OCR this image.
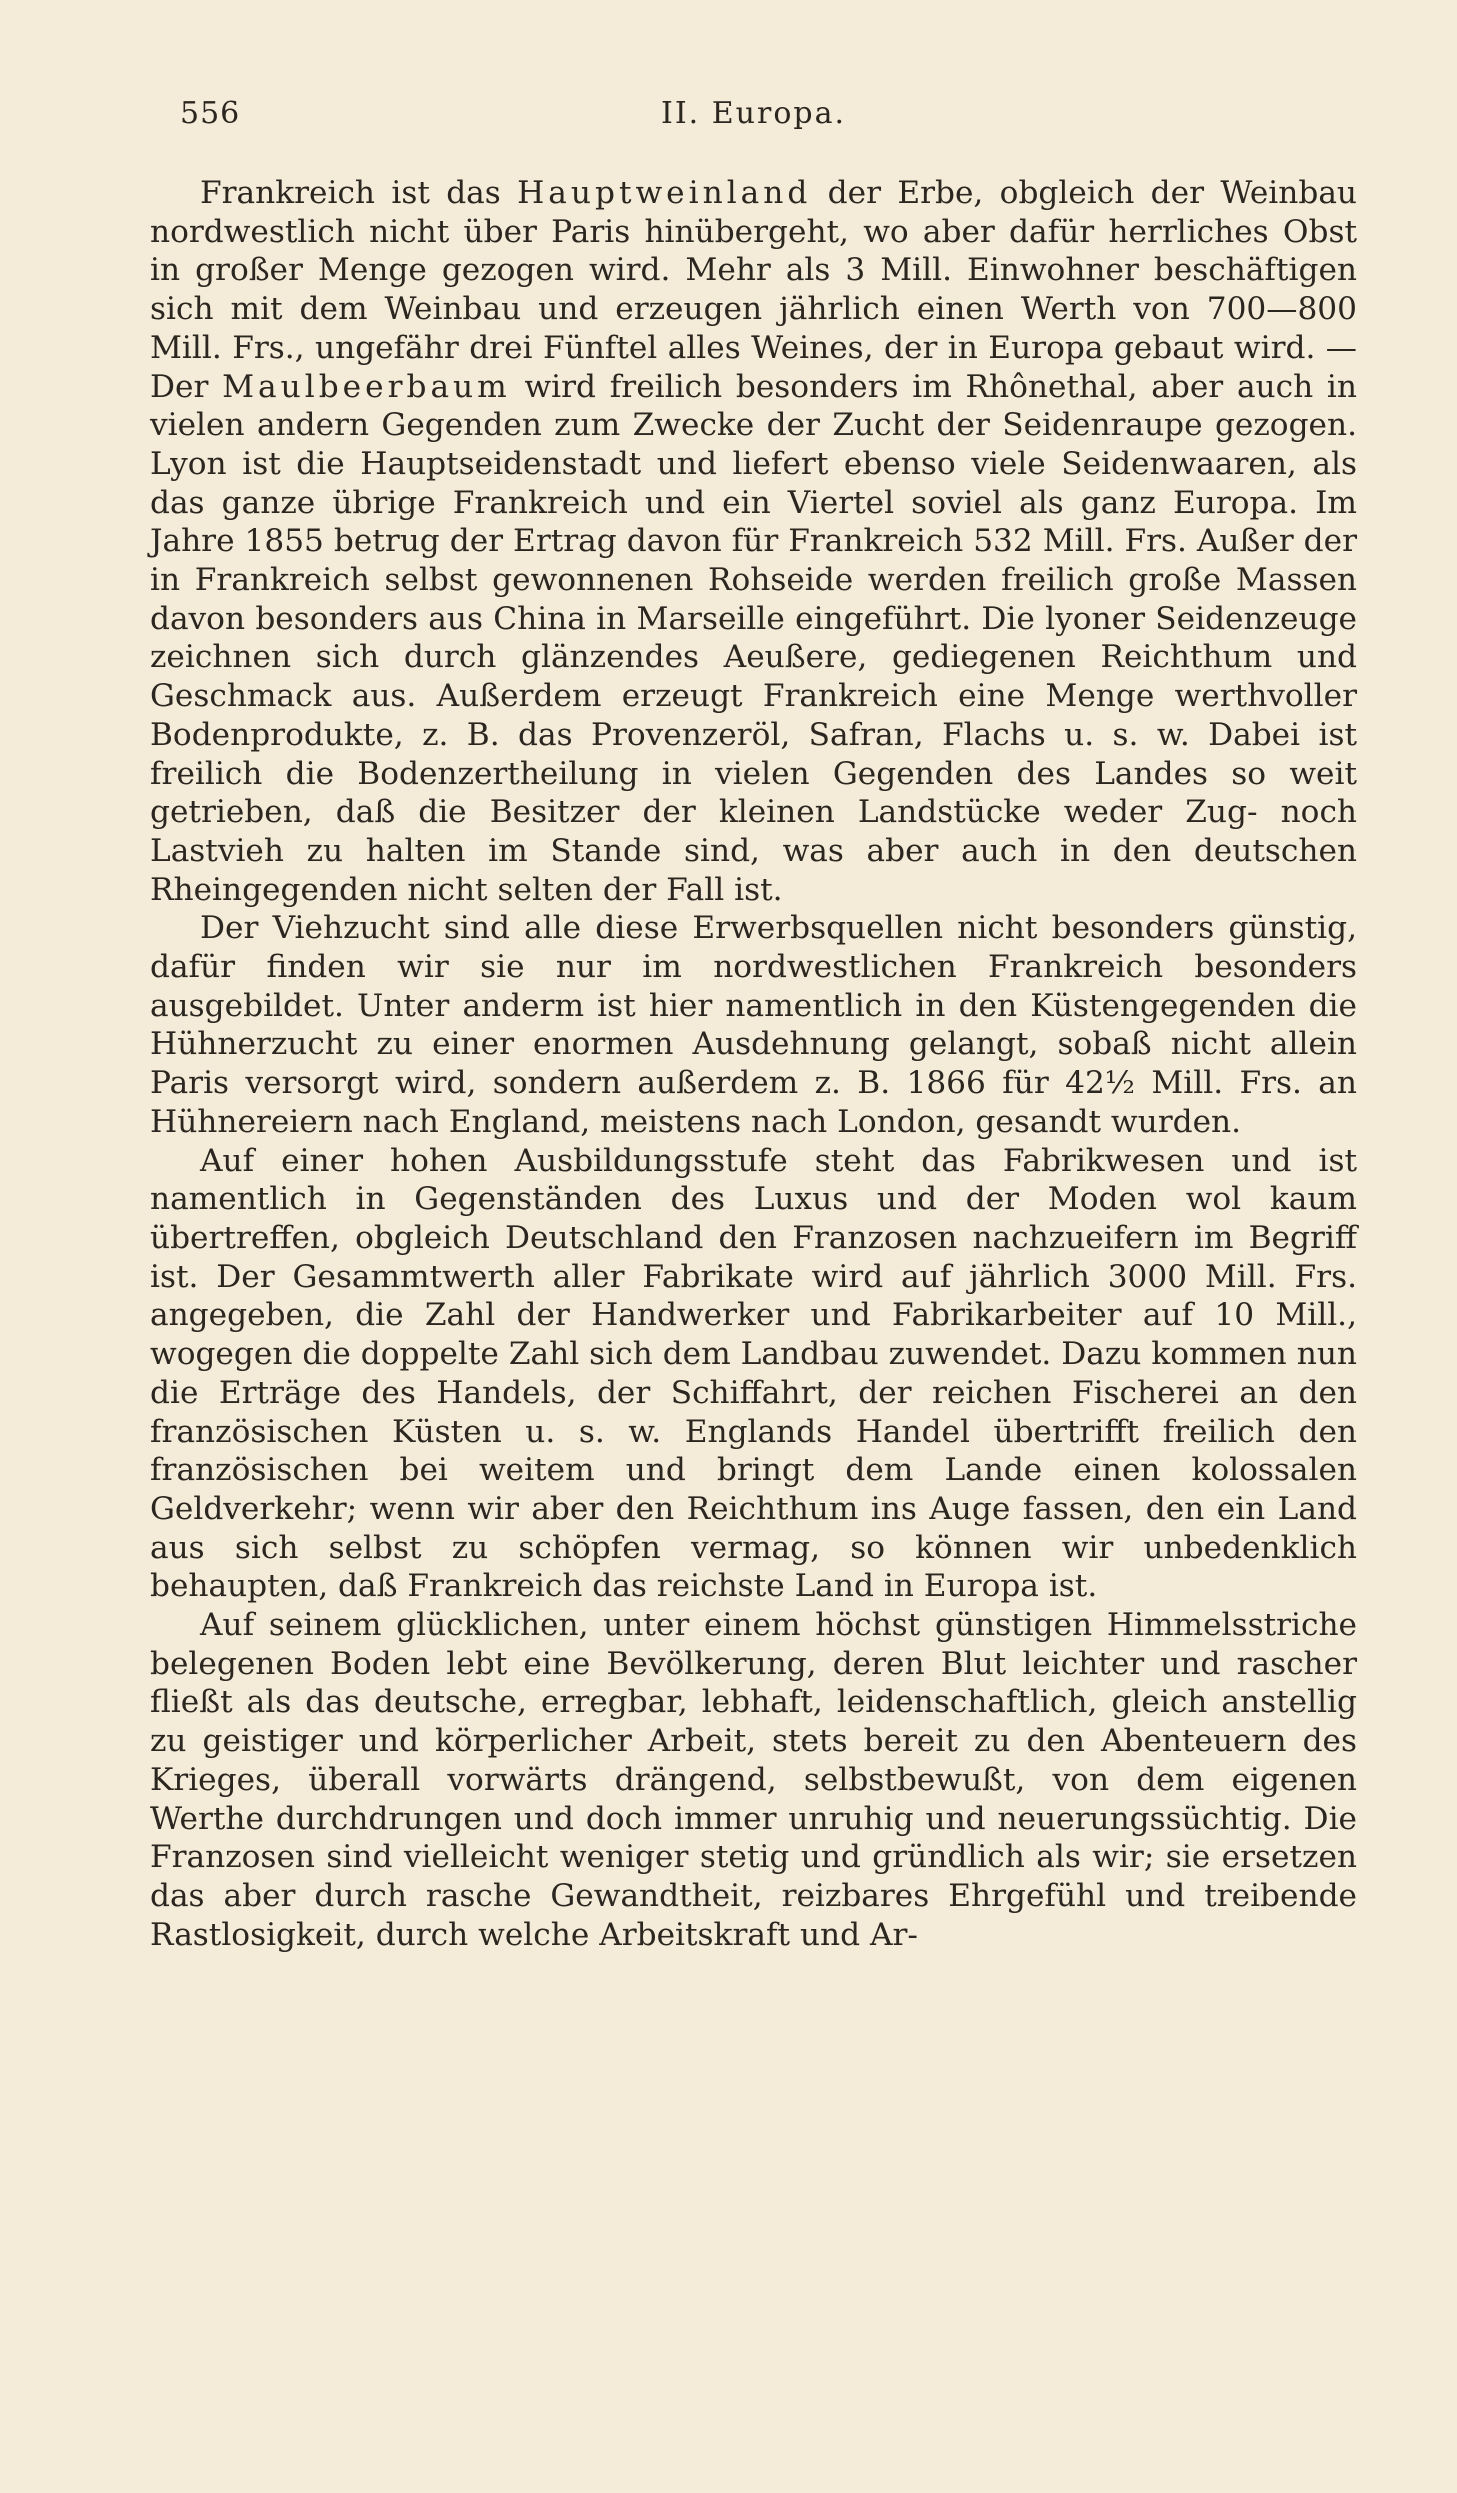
556	II. Europa.

Frankreich ist das Hauptweinland der Erbe, obgleich der Weinbau nordwestlich nicht über Paris hinübergeht, wo aber dafür herrliches Obst in großer Menge gezogen wird. Mehr als 3 Mill. Einwohner beschäftigen sich mit dem Weinbau und erzeugen jährlich einen Werth von 700—800 Mill. Frs., ungefähr drei Fünftel alles Weines, der in Europa gebaut wird. — Der Maulbeerbaum wird freilich besonders im Rhônethal, aber auch in vielen andern Gegenden zum Zwecke der Zucht der Seidenraupe gezogen. Lyon ist die Hauptseidenstadt und liefert ebenso viele Seidenwaaren, als das ganze übrige Frankreich und ein Viertel soviel als ganz Europa. Im Jahre 1855 betrug der Ertrag davon für Frankreich 532 Mill. Frs. Außer der in Frankreich selbst gewonnenen Rohseide werden freilich große Massen davon besonders aus China in Marseille eingeführt. Die lyoner Seidenzeuge zeichnen sich durch glänzendes Aeußere, gediegenen Reichthum und Geschmack aus. Außerdem erzeugt Frankreich eine Menge werthvoller Bodenprodukte, z. B. das Provenzeröl, Safran, Flachs u. s. w. Dabei ist freilich die Bodenzertheilung in vielen Gegenden des Landes so weit getrieben, daß die Besitzer der kleinen Landstücke weder Zug- noch Lastvieh zu halten im Stande sind, was aber auch in den deutschen Rheingegenden nicht selten der Fall ist.

Der Viehzucht sind alle diese Erwerbsquellen nicht besonders günstig, dafür finden wir sie nur im nordwestlichen Frankreich besonders ausgebildet. Unter anderm ist hier namentlich in den Küstengegenden die Hühnerzucht zu einer enormen Ausdehnung gelangt, sobaß nicht allein Paris versorgt wird, sondern außerdem z. B. 1866 für 42½ Mill. Frs. an Hühnereiern nach England, meistens nach London, gesandt wurden.

Auf einer hohen Ausbildungsstufe steht das Fabrikwesen und ist namentlich in Gegenständen des Luxus und der Moden wol kaum übertreffen, obgleich Deutschland den Franzosen nachzueifern im Begriff ist. Der Gesammtwerth aller Fabrikate wird auf jährlich 3000 Mill. Frs. angegeben, die Zahl der Handwerker und Fabrikarbeiter auf 10 Mill., wogegen die doppelte Zahl sich dem Landbau zuwendet. Dazu kommen nun die Erträge des Handels, der Schiffahrt, der reichen Fischerei an den französischen Küsten u. s. w. Englands Handel übertrifft freilich den französischen bei weitem und bringt dem Lande einen kolossalen Geldverkehr; wenn wir aber den Reichthum ins Auge fassen, den ein Land aus sich selbst zu schöpfen vermag, so können wir unbedenklich behaupten, daß Frankreich das reichste Land in Europa ist.

Auf seinem glücklichen, unter einem höchst günstigen Himmelsstriche belegenen Boden lebt eine Bevölkerung, deren Blut leichter und rascher fließt als das deutsche, erregbar, lebhaft, leidenschaftlich, gleich anstellig zu geistiger und körperlicher Arbeit, stets bereit zu den Abenteuern des Krieges, überall vorwärts drängend, selbstbewußt, von dem eigenen Werthe durchdrungen und doch immer unruhig und neuerungssüchtig. Die Franzosen sind vielleicht weniger stetig und gründlich als wir; sie ersetzen das aber durch rasche Gewandtheit, reizbares Ehrgefühl und treibende Rastlosigkeit, durch welche Arbeitskraft und Ar-
